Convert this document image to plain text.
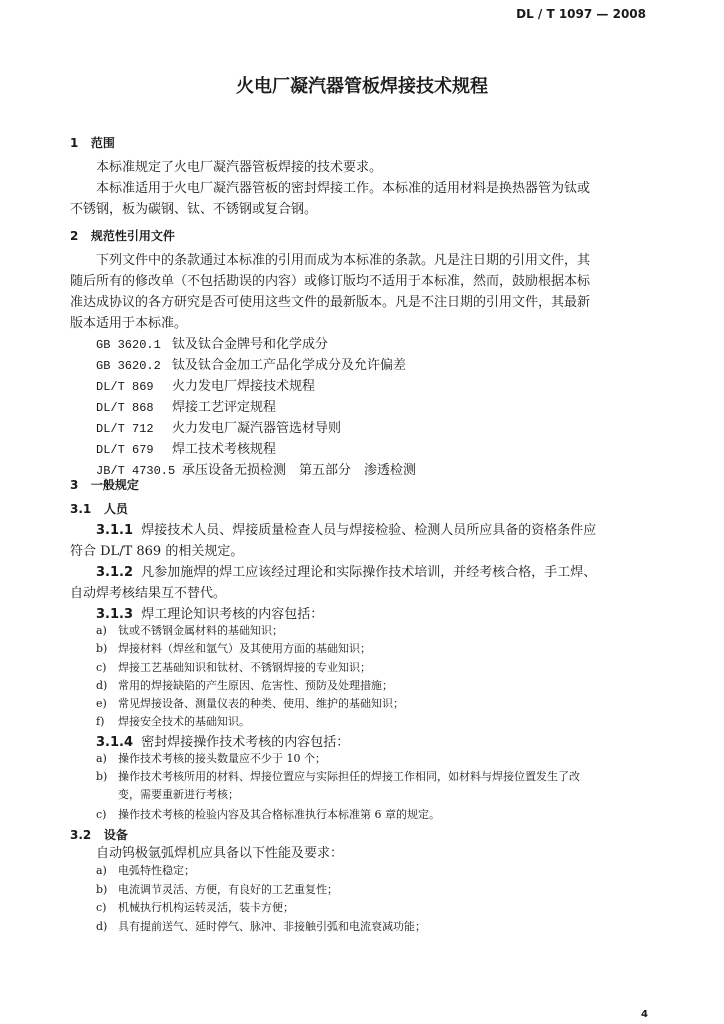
DL / T 1097 — 2008
火电厂凝汽器管板焊接技术规程
1 范围
本标准规定了火电厂凝汽器管板焊接的技术要求。
本标准适用于火电厂凝汽器管板的密封焊接工作。本标准的适用材料是换热器管为钛或
不锈钢，板为碳钢、钛、不锈钢或复合钢。
2 规范性引用文件
下列文件中的条款通过本标准的引用而成为本标准的条款。凡是注日期的引用文件，其
随后所有的修改单（不包括勘误的内容）或修订版均不适用于本标准，然而，鼓励根据本标
准达成协议的各方研究是否可使用这些文件的最新版本。凡是不注日期的引用文件，其最新
版本适用于本标准。
GB 3620.1 钛及钛合金牌号和化学成分
GB 3620.2 钛及钛合金加工产品化学成分及允许偏差
DL/T 869 火力发电厂焊接技术规程
DL/T 868 焊接工艺评定规程
DL/T 712 火力发电厂凝汽器管选材导则
DL/T 679 焊工技术考核规程
JB/T 4730.5 承压设备无损检测　第五部分　渗透检测
3 一般规定
3.1 人员
3.1.1 焊接技术人员、焊接质量检查人员与焊接检验、检测人员所应具备的资格条件应
符合 DL/T 869 的相关规定。
3.1.2 凡参加施焊的焊工应该经过理论和实际操作技术培训，并经考核合格，手工焊、
自动焊考核结果互不替代。
3.1.3 焊工理论知识考核的内容包括：
a) 钛或不锈钢金属材料的基础知识；
b) 焊接材料（焊丝和氩气）及其使用方面的基础知识；
c) 焊接工艺基础知识和钛材、不锈钢焊接的专业知识；
d) 常用的焊接缺陷的产生原因、危害性、预防及处理措施；
e) 常见焊接设备、测量仪表的种类、使用、维护的基础知识；
f) 焊接安全技术的基础知识。
3.1.4 密封焊接操作技术考核的内容包括：
a) 操作技术考核的接头数量应不少于 10 个；
b) 操作技术考核所用的材料、焊接位置应与实际担任的焊接工作相同，如材料与焊接位置发生了改
变，需要重新进行考核；
c) 操作技术考核的检验内容及其合格标准执行本标准第 6 章的规定。
3.2 设备
自动钨极氩弧焊机应具备以下性能及要求：
a) 电弧特性稳定；
b) 电流调节灵活、方便，有良好的工艺重复性；
c) 机械执行机构运转灵活，装卡方便；
d) 具有提前送气、延时停气、脉冲、非接触引弧和电流衰减功能；
4
